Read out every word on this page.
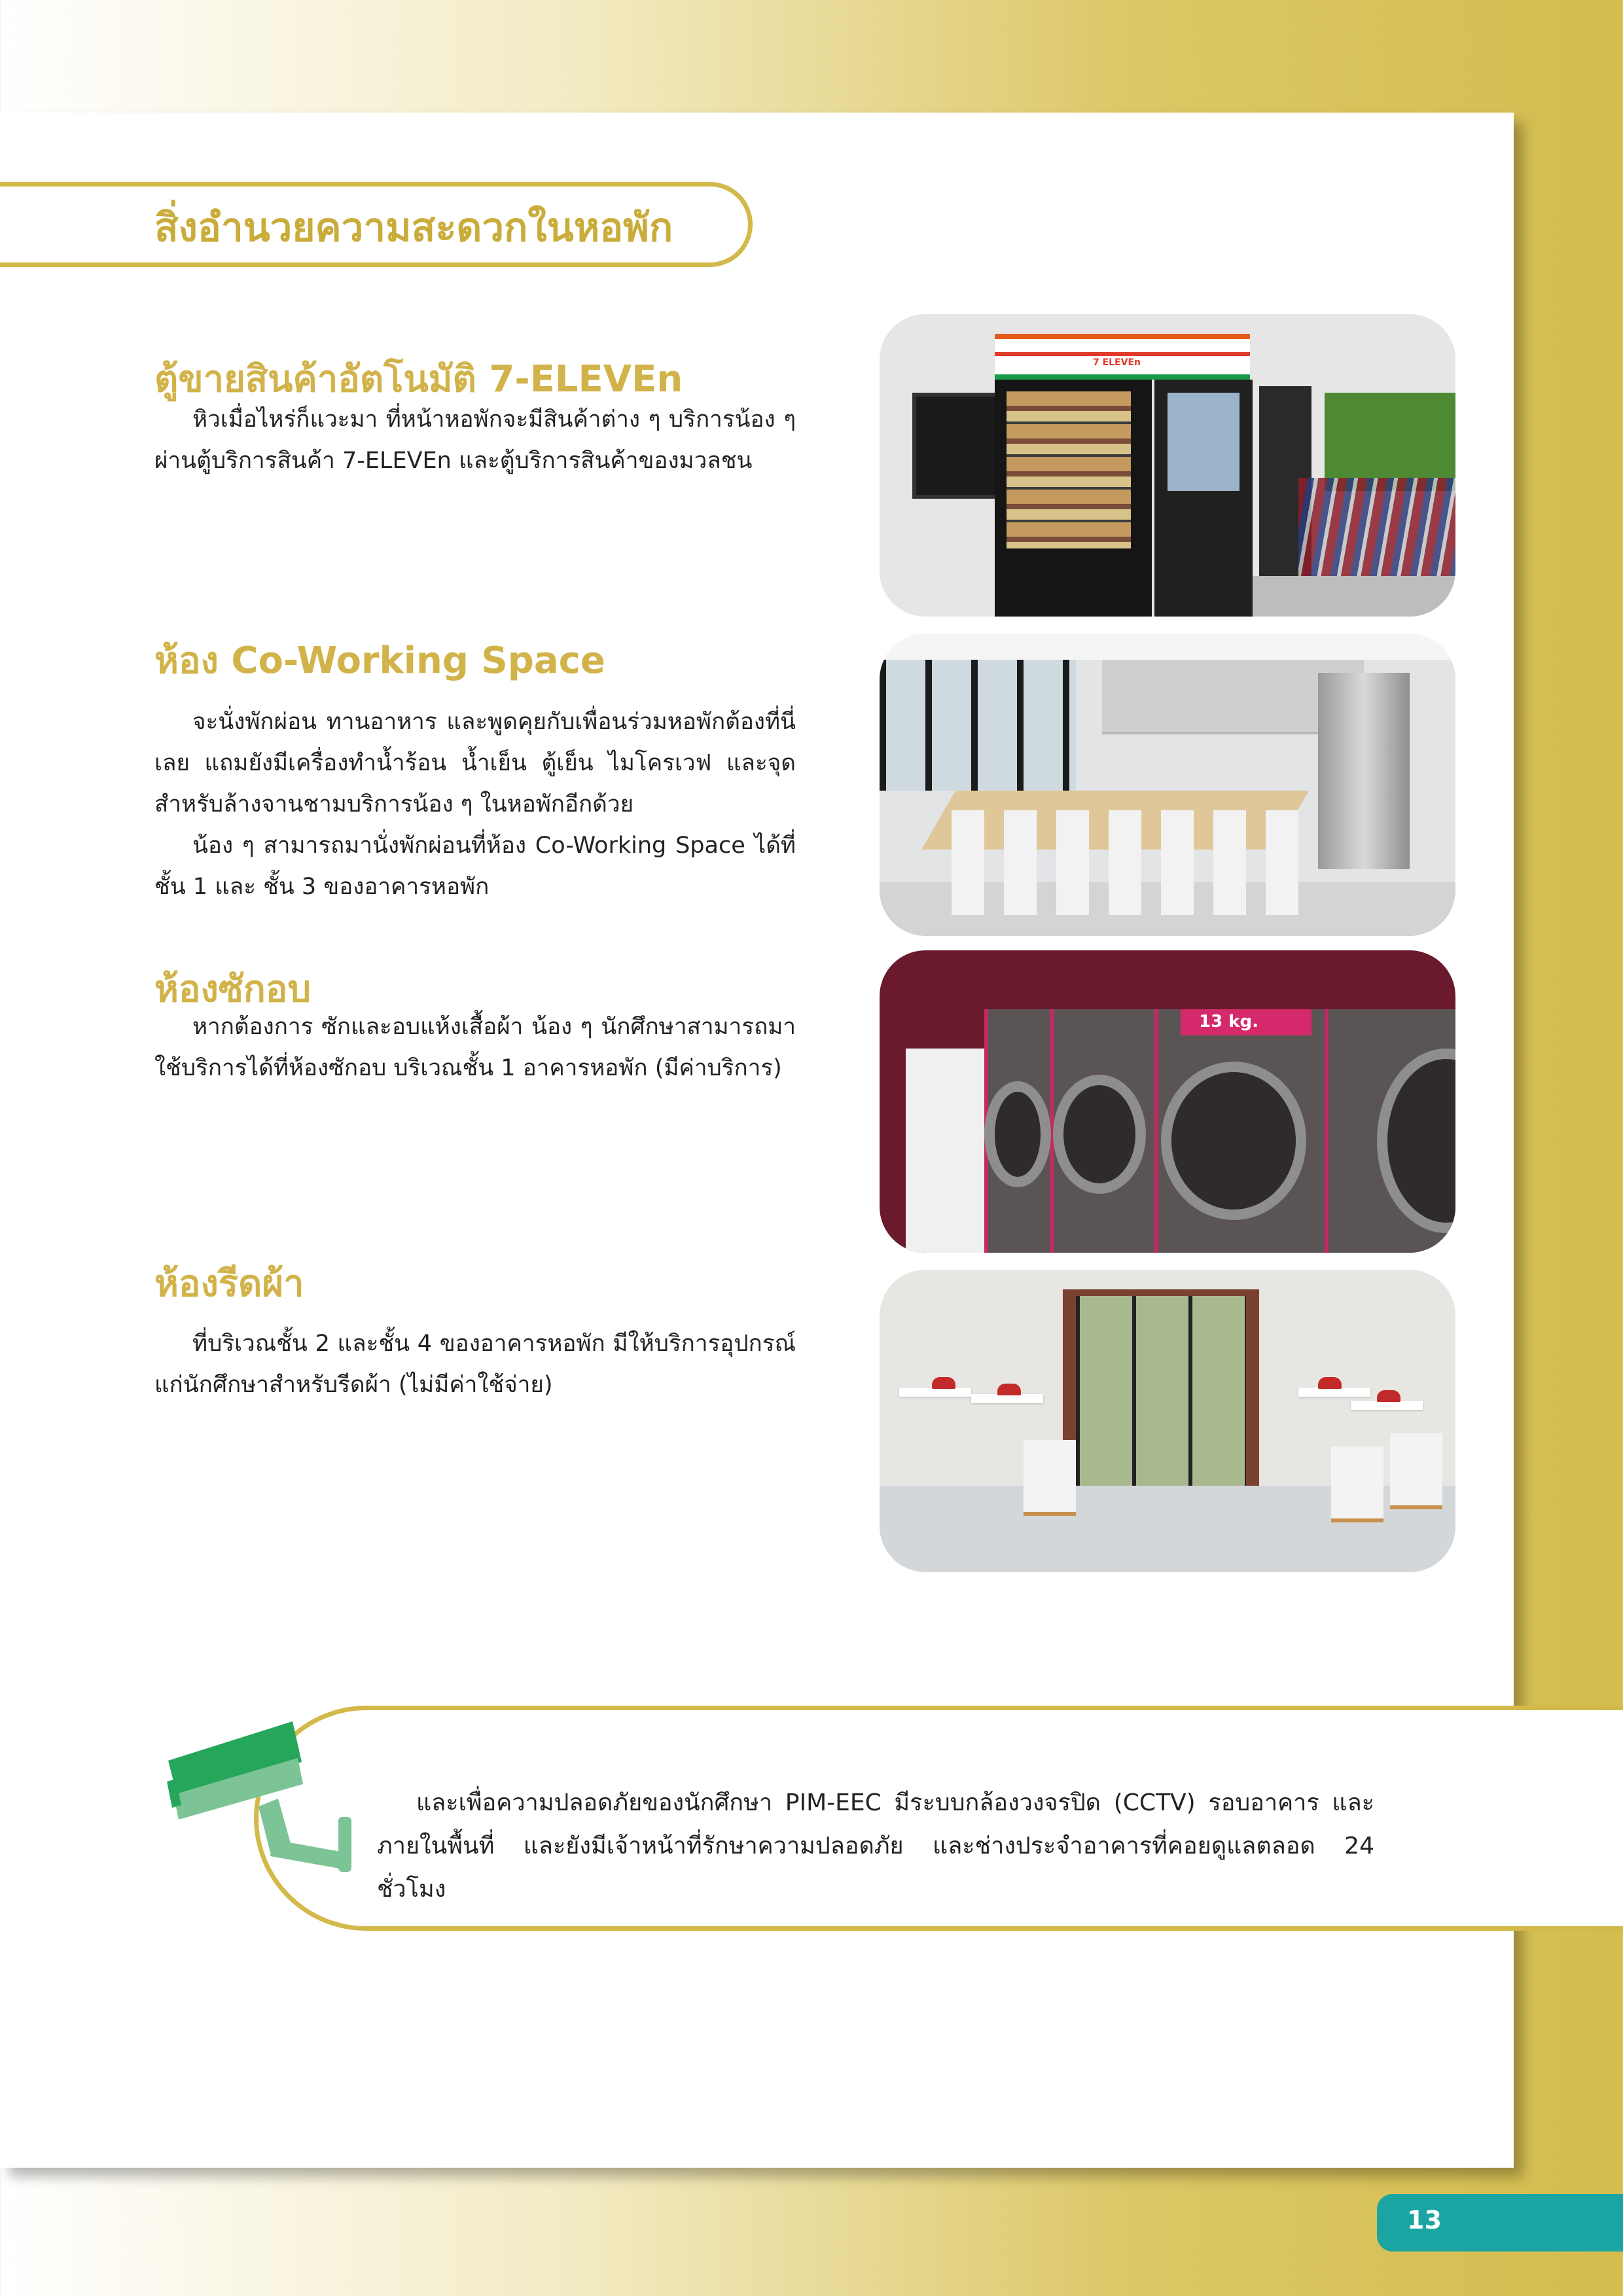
สิ่งอำนวยความสะดวกในหอพัก
ตู้ขายสินค้าอัตโนมัติ 7-ELEVEn

หิวเมื่อไหร่ก็แวะมา ที่หน้าหอพักจะมีสินค้าต่าง ๆ บริการน้อง ๆ ผ่านตู้บริการสินค้า 7-ELEVEn และตู้บริการสินค้าของมวลชน

ห้อง Co-Working Space

จะนั่งพักผ่อน ทานอาหาร และพูดคุยกับเพื่อนร่วมหอพักต้องที่นี่เลย แถมยังมีเครื่องทำน้ำร้อน น้ำเย็น ตู้เย็น ไมโครเวฟ และจุดสำหรับล้างจานชามบริการน้อง ๆ ในหอพักอีกด้วย

น้อง ๆ สามารถมานั่งพักผ่อนที่ห้อง Co-Working Space ได้ที่ชั้น 1 และ ชั้น 3 ของอาคารหอพัก

ห้องซักอบ

หากต้องการ ซักและอบแห้งเสื้อผ้า น้อง ๆ นักศึกษาสามารถมาใช้บริการได้ที่ห้องซักอบ บริเวณชั้น 1 อาคารหอพัก (มีค่าบริการ)

ห้องรีดผ้า

ที่บริเวณชั้น 2 และชั้น 4 ของอาคารหอพัก มีให้บริการอุปกรณ์แก่นักศึกษาสำหรับรีดผ้า (ไม่มีค่าใช้จ่าย)

7 ELEVEn
13 kg.

และเพื่อความปลอดภัยของนักศึกษา PIM-EEC มีระบบกล้องวงจรปิด (CCTV) รอบอาคาร และภายในพื้นที่ และยังมีเจ้าหน้าที่รักษาความปลอดภัย และช่างประจำอาคารที่คอยดูแลตลอด 24 ชั่วโมง

13
